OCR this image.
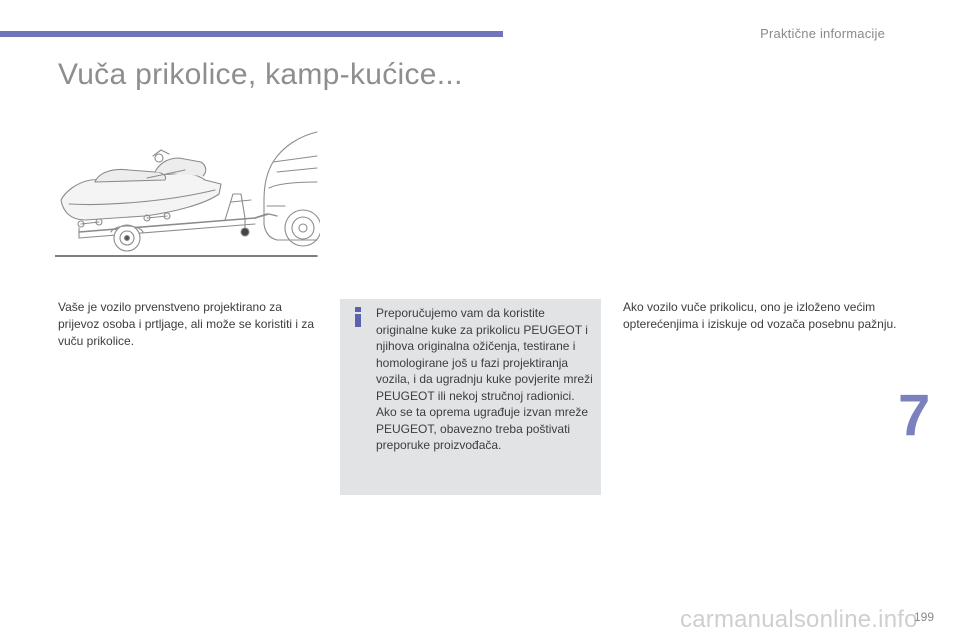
Praktične informacije
Vuča prikolice, kamp-kućice...
Vaše je vozilo prvenstveno projektirano za prijevoz osoba i prtljage, ali može se koristiti i za vuču prikolice.

Preporučujemo vam da koristite originalne kuke za prikolicu PEUGEOT i njihova originalna ožičenja, testirane i homologirane još u fazi projektiranja vozila, i da ugradnju kuke povjerite mreži PEUGEOT ili nekoj stručnoj radionici.

Ako se ta oprema ugrađuje izvan mreže PEUGEOT, obavezno treba poštivati preporuke proizvođača.

Ako vozilo vuče prikolicu, ono je izloženo većim opterećenjima i iziskuje od vozača posebnu pažnju.
7
carmanualsonline.info
199
